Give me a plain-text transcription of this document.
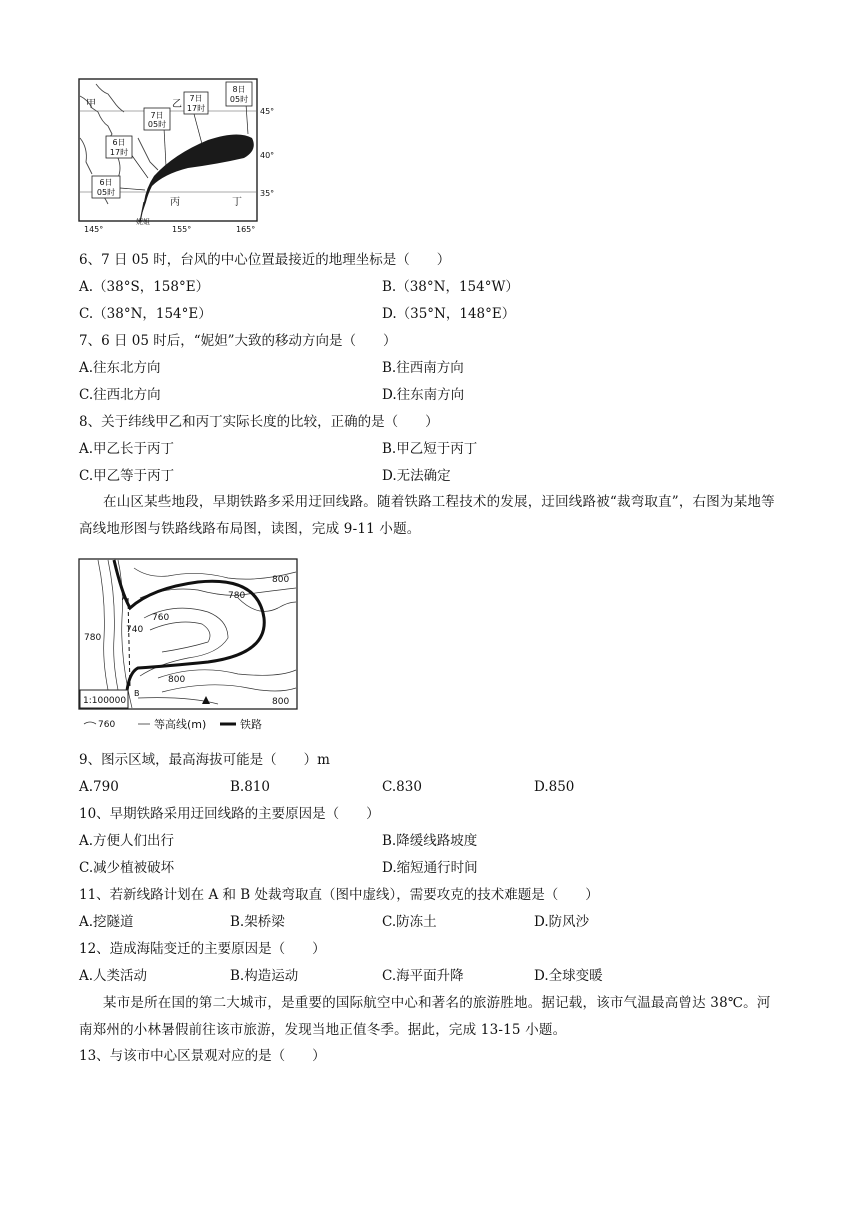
6日
05时
6日
17时
7日
05时
7日
17时
8日
05时
甲	乙
丙	丁
45°
40°
35°
145°	155°	165°
妮姐
6、7 日 05 时，台风的中心位置最接近的地理坐标是（　　）
A.（38°S，158°E）	B.（38°N，154°W）
C.（38°N，154°E）	D.（35°N，148°E）
7、6 日 05 时后，“妮妲”大致的移动方向是（　　）
A.往东北方向	B.往西南方向
C.往西北方向	D.往东南方向
8、关于纬线甲乙和丙丁实际长度的比较，正确的是（　　）
A.甲乙长于丙丁	B.甲乙短于丙丁
C.甲乙等于丙丁	D.无法确定
在山区某些地段，早期铁路多采用迂回线路。随着铁路工程技术的发展，迂回线路被“裁弯取直”，右图为某地等高线地形图与铁路线路布局图，读图，完成 9-11 小题。
800
780
760
740
780
800
800
A
B
1:100000
760	等高线(m)	铁路
9、图示区域，最高海拔可能是（　　）m
A.790	B.810	C.830	D.850
10、早期铁路采用迂回线路的主要原因是（　　）
A.方便人们出行	B.降缓线路坡度
C.减少植被破坏	D.缩短通行时间
11、若新线路计划在 A 和 B 处裁弯取直（图中虚线），需要攻克的技术难题是（　　）
A.挖隧道	B.架桥梁	C.防冻土	D.防风沙
12、造成海陆变迁的主要原因是（　　）
A.人类活动	B.构造运动	C.海平面升降	D.全球变暖
某市是所在国的第二大城市，是重要的国际航空中心和著名的旅游胜地。据记载，该市气温最高曾达 38℃。河南郑州的小林暑假前往该市旅游，发现当地正值冬季。据此，完成 13-15 小题。
13、与该市中心区景观对应的是（　　）
